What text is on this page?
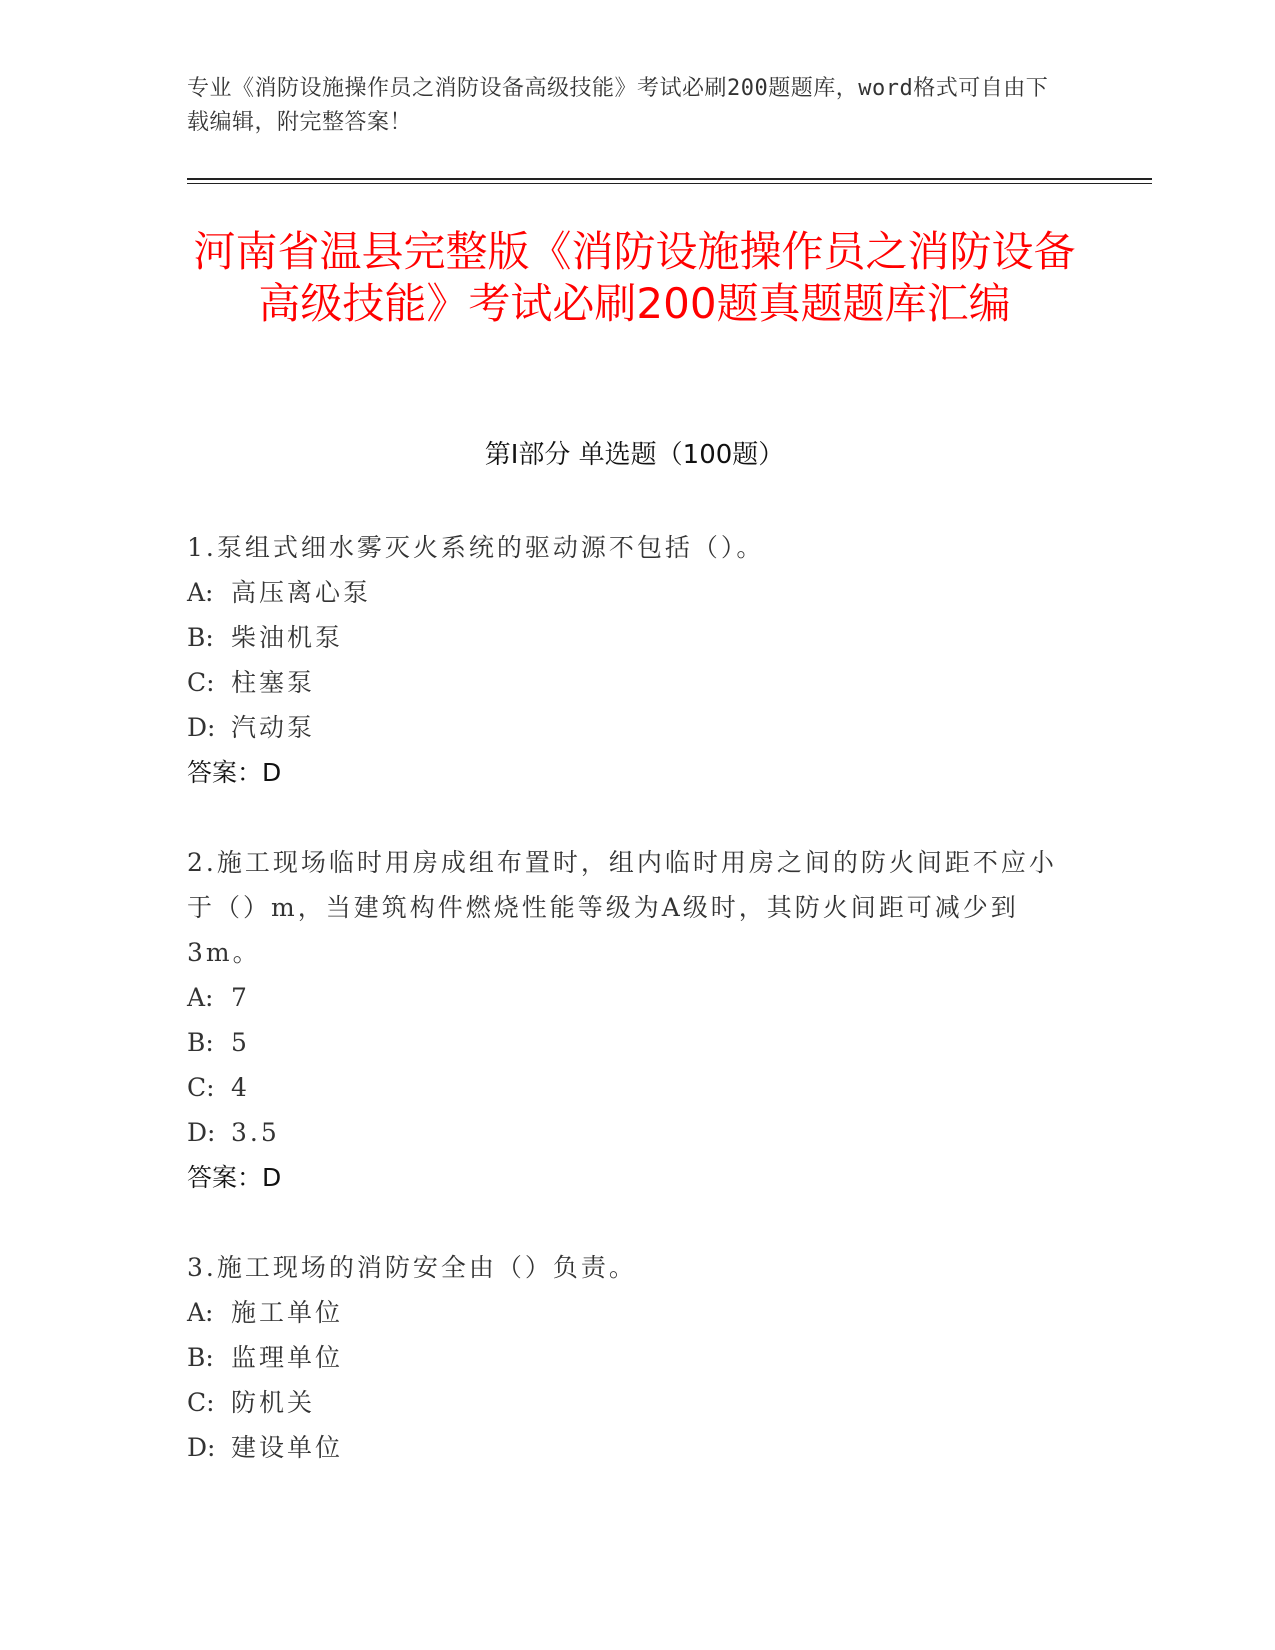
专业《消防设施操作员之消防设备高级技能》考试必刷200题题库，word格式可自由下载编辑，附完整答案！
河南省温县完整版《消防设施操作员之消防设备高级技能》考试必刷200题真题题库汇编
第Ⅰ部分 单选题（100题）
1.泵组式细水雾灭火系统的驱动源不包括（）。
A: 高压离心泵
B: 柴油机泵
C: 柱塞泵
D: 汽动泵
答案：D
2.施工现场临时用房成组布置时，组内临时用房之间的防火间距不应小于（）m，当建筑构件燃烧性能等级为A级时，其防火间距可减少到3m。
A: 7
B: 5
C: 4
D: 3.5
答案：D
3.施工现场的消防安全由（）负责。
A: 施工单位
B: 监理单位
C: 防机关
D: 建设单位
